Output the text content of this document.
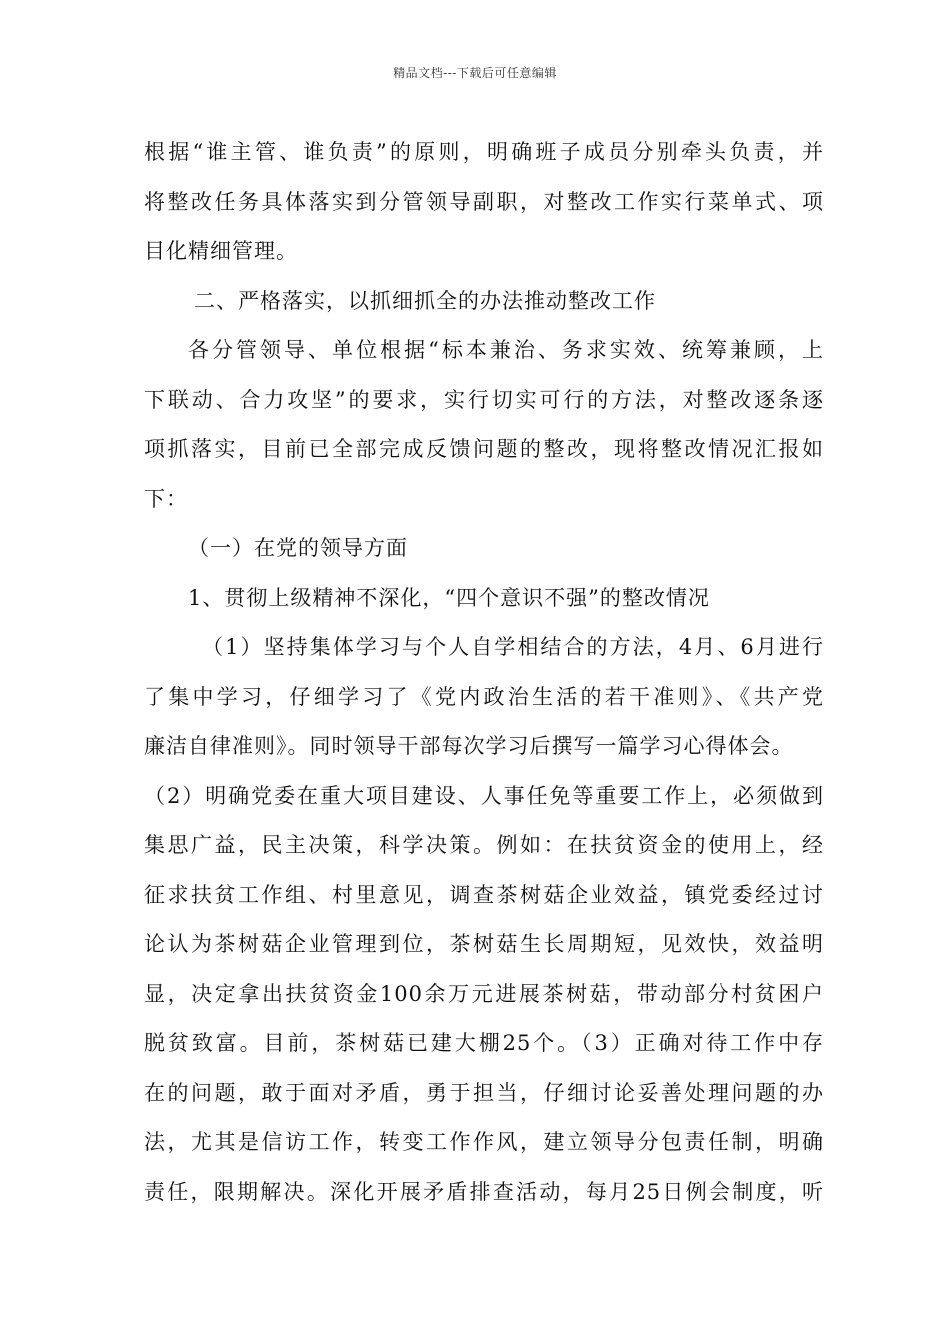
精品文档---下载后可任意编辑
根据“谁主管、谁负责”的原则，明确班子成员分别牵头负责，并
将整改任务具体落实到分管领导副职，对整改工作实行菜单式、项
目化精细管理。
二、严格落实，以抓细抓全的办法推动整改工作
各分管领导、单位根据“标本兼治、务求实效、统筹兼顾，上
下联动、合力攻坚”的要求，实行切实可行的方法，对整改逐条逐
项抓落实，目前已全部完成反馈问题的整改，现将整改情况汇报如
下：
（一）在党的领导方面
1、贯彻上级精神不深化，“四个意识不强”的整改情况
（1）坚持集体学习与个人自学相结合的方法，4月、6月进行
了集中学习，仔细学习了《党内政治生活的若干准则》、《共产党
廉洁自律准则》。同时领导干部每次学习后撰写一篇学习心得体会。
（2）明确党委在重大项目建设、人事任免等重要工作上，必须做到
集思广益，民主决策，科学决策。例如：在扶贫资金的使用上，经
征求扶贫工作组、村里意见，调查茶树菇企业效益，镇党委经过讨
论认为茶树菇企业管理到位，茶树菇生长周期短，见效快，效益明
显，决定拿出扶贫资金100余万元进展茶树菇，带动部分村贫困户
脱贫致富。目前，茶树菇已建大棚25个。（3）正确对待工作中存
在的问题，敢于面对矛盾，勇于担当，仔细讨论妥善处理问题的办
法，尤其是信访工作，转变工作作风，建立领导分包责任制，明确
责任，限期解决。深化开展矛盾排查活动，每月25日例会制度，听
